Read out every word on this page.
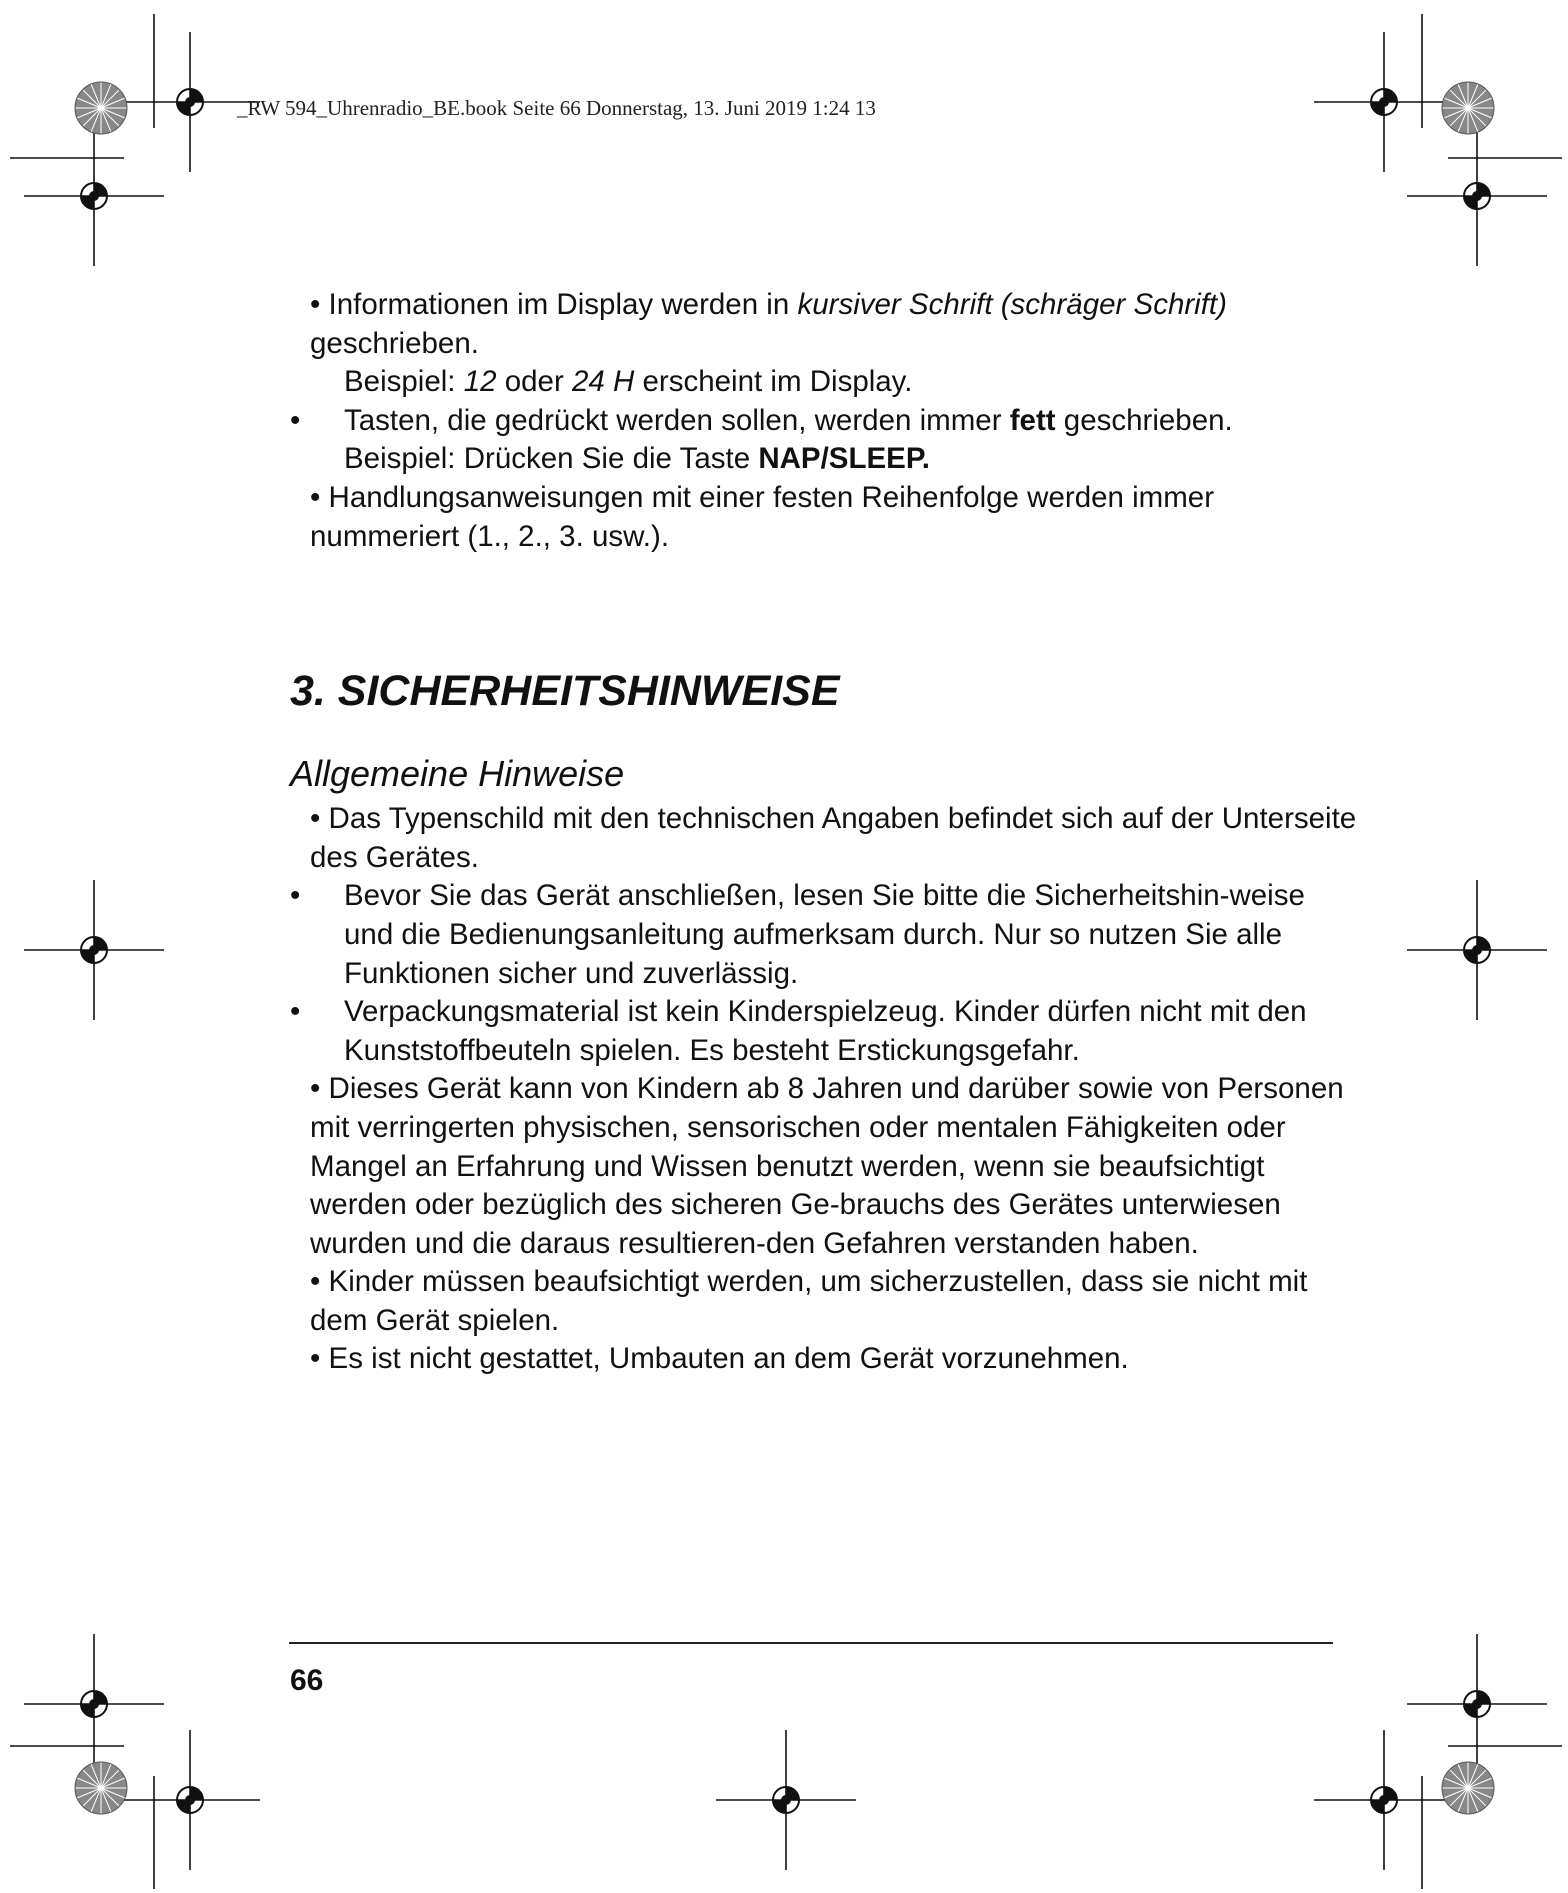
_RW 594_Uhrenradio_BE.book Seite 66 Donnerstag, 13. Juni 2019 1:24 13
• Informationen im Display werden in kursiver Schrift (schräger Schrift) geschrieben.
Beispiel: 12 oder 24 H erscheint im Display.
•	Tasten, die gedrückt werden sollen, werden immer fett geschrieben.
Beispiel: Drücken Sie die Taste NAP/SLEEP.
• Handlungsanweisungen mit einer festen Reihenfolge werden immer nummeriert (1., 2., 3. usw.).
3. SICHERHEITSHINWEISE
Allgemeine Hinweise
• Das Typenschild mit den technischen Angaben befindet sich auf der Unterseite des Gerätes.
•	Bevor Sie das Gerät anschließen, lesen Sie bitte die Sicherheitshin-weise und die Bedienungsanleitung aufmerksam durch. Nur so nutzen Sie alle Funktionen sicher und zuverlässig.
•	Verpackungsmaterial ist kein Kinderspielzeug. Kinder dürfen nicht mit den Kunststoffbeuteln spielen. Es besteht Erstickungsgefahr.
• Dieses Gerät kann von Kindern ab 8 Jahren und darüber sowie von Personen mit verringerten physischen, sensorischen oder mentalen Fähigkeiten oder Mangel an Erfahrung und Wissen benutzt werden, wenn sie beaufsichtigt werden oder bezüglich des sicheren Ge-brauchs des Gerätes unterwiesen wurden und die daraus resultieren-den Gefahren verstanden haben.
• Kinder müssen beaufsichtigt werden, um sicherzustellen, dass sie nicht mit dem Gerät spielen.
• Es ist nicht gestattet, Umbauten an dem Gerät vorzunehmen.
66
